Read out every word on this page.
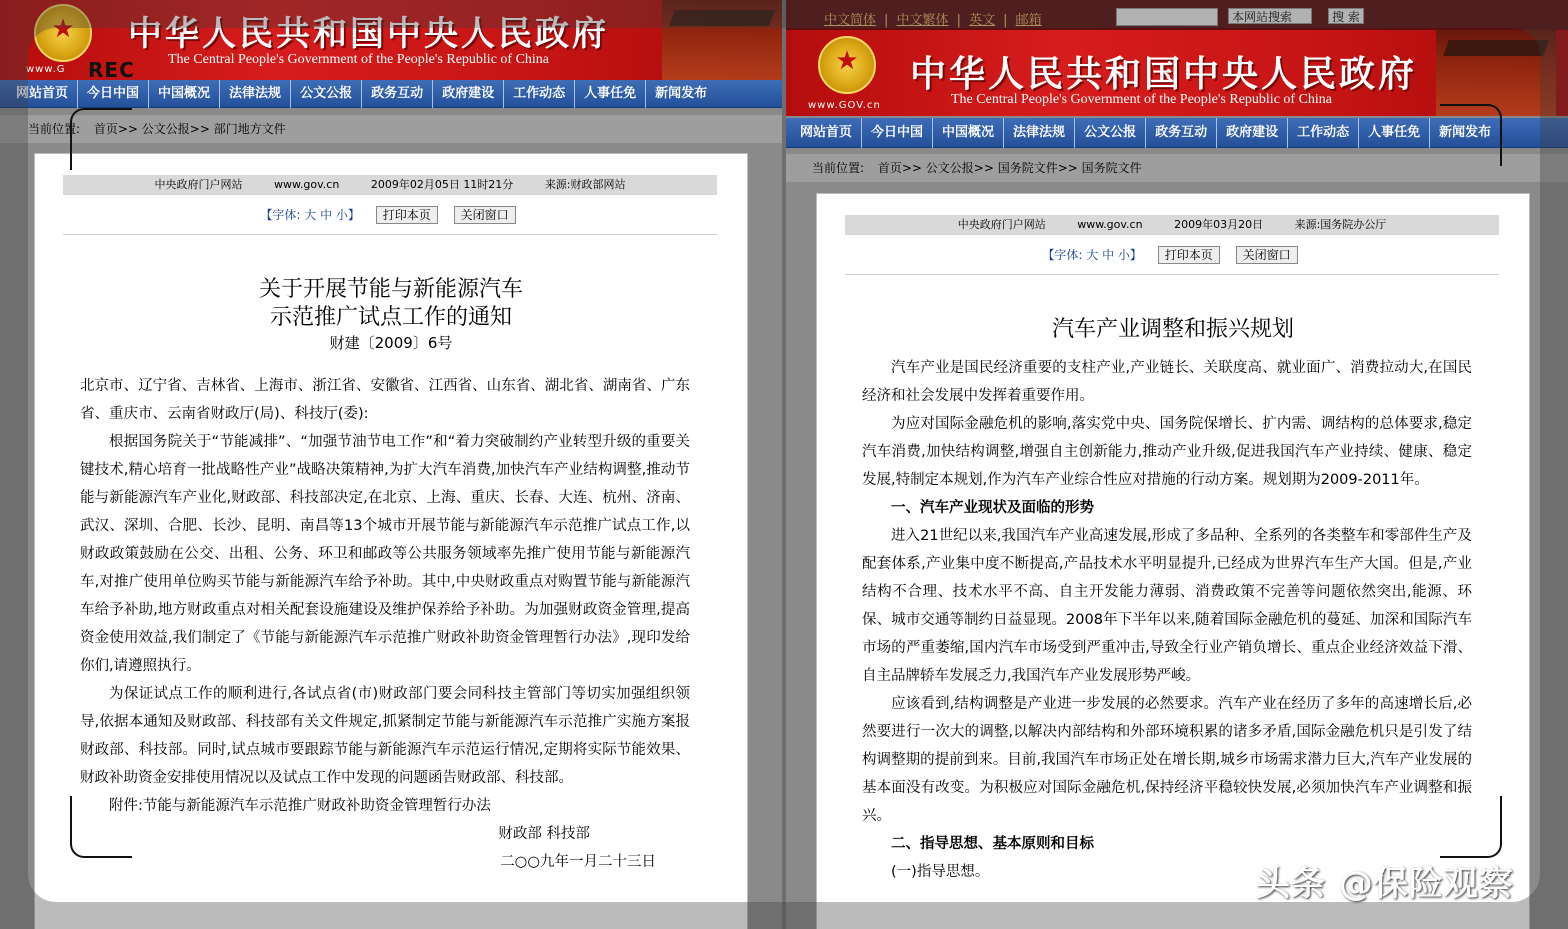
★
www.G REC
中华人民共和国中央人民政府
The Central People's Government of the People's Republic of China
网站首页	今日中国	中国概况	法律法规	公文公报	政务互动	政府建设	工作动态	人事任免	新闻发布
当前位置: 首页>> 公文公报>> 部门地方文件
中央政府门户网站	www.gov.cn	2009年02月05日 11时21分	来源:财政部网站
【字体: 大 中 小】 打印本页 关闭窗口
关于开展节能与新能源汽车
示范推广试点工作的通知
财建〔2009〕6号

北京市、辽宁省、吉林省、上海市、浙江省、安徽省、江西省、山东省、湖北省、湖南省、广东省、重庆市、云南省财政厅(局)、科技厅(委):

根据国务院关于“节能减排”、“加强节油节电工作”和“着力突破制约产业转型升级的重要关键技术,精心培育一批战略性产业”战略决策精神,为扩大汽车消费,加快汽车产业结构调整,推动节能与新能源汽车产业化,财政部、科技部决定,在北京、上海、重庆、长春、大连、杭州、济南、武汉、深圳、合肥、长沙、昆明、南昌等13个城市开展节能与新能源汽车示范推广试点工作,以财政政策鼓励在公交、出租、公务、环卫和邮政等公共服务领域率先推广使用节能与新能源汽车,对推广使用单位购买节能与新能源汽车给予补助。其中,中央财政重点对购置节能与新能源汽车给予补助,地方财政重点对相关配套设施建设及维护保养给予补助。为加强财政资金管理,提高资金使用效益,我们制定了《节能与新能源汽车示范推广财政补助资金管理暂行办法》,现印发给你们,请遵照执行。

为保证试点工作的顺利进行,各试点省(市)财政部门要会同科技主管部门等切实加强组织领导,依据本通知及财政部、科技部有关文件规定,抓紧制定节能与新能源汽车示范推广实施方案报财政部、科技部。同时,试点城市要跟踪节能与新能源汽车示范运行情况,定期将实际节能效果、财政补助资金安排使用情况以及试点工作中发现的问题函告财政部、科技部。

附件:节能与新能源汽车示范推广财政补助资金管理暂行办法

财政部 科技部

二○○九年一月二十三日

中文简体 | 中文繁体 | 英文 | 邮箱	本网站搜索	搜 索
★
www.GOV.cn
中华人民共和国中央人民政府
The Central People's Government of the People's Republic of China
网站首页	今日中国	中国概况	法律法规	公文公报	政务互动	政府建设	工作动态	人事任免	新闻发布
当前位置: 首页>> 公文公报>> 国务院文件>> 国务院文件
中央政府门户网站	www.gov.cn	2009年03月20日	来源:国务院办公厅
【字体: 大 中 小】 打印本页 关闭窗口
汽车产业调整和振兴规划

汽车产业是国民经济重要的支柱产业,产业链长、关联度高、就业面广、消费拉动大,在国民经济和社会发展中发挥着重要作用。

为应对国际金融危机的影响,落实党中央、国务院保增长、扩内需、调结构的总体要求,稳定汽车消费,加快结构调整,增强自主创新能力,推动产业升级,促进我国汽车产业持续、健康、稳定发展,特制定本规划,作为汽车产业综合性应对措施的行动方案。规划期为2009-2011年。

一、汽车产业现状及面临的形势

进入21世纪以来,我国汽车产业高速发展,形成了多品种、全系列的各类整车和零部件生产及配套体系,产业集中度不断提高,产品技术水平明显提升,已经成为世界汽车生产大国。但是,产业结构不合理、技术水平不高、自主开发能力薄弱、消费政策不完善等问题依然突出,能源、环保、城市交通等制约日益显现。2008年下半年以来,随着国际金融危机的蔓延、加深和国际汽车市场的严重萎缩,国内汽车市场受到严重冲击,导致全行业产销负增长、重点企业经济效益下滑、自主品牌轿车发展乏力,我国汽车产业发展形势严峻。

应该看到,结构调整是产业进一步发展的必然要求。汽车产业在经历了多年的高速增长后,必然要进行一次大的调整,以解决内部结构和外部环境积累的诸多矛盾,国际金融危机只是引发了结构调整期的提前到来。目前,我国汽车市场正处在增长期,城乡市场需求潜力巨大,汽车产业发展的基本面没有改变。为积极应对国际金融危机,保持经济平稳较快发展,必须加快汽车产业调整和振兴。

二、指导思想、基本原则和目标

(一)指导思想。	头条 @保险观察
